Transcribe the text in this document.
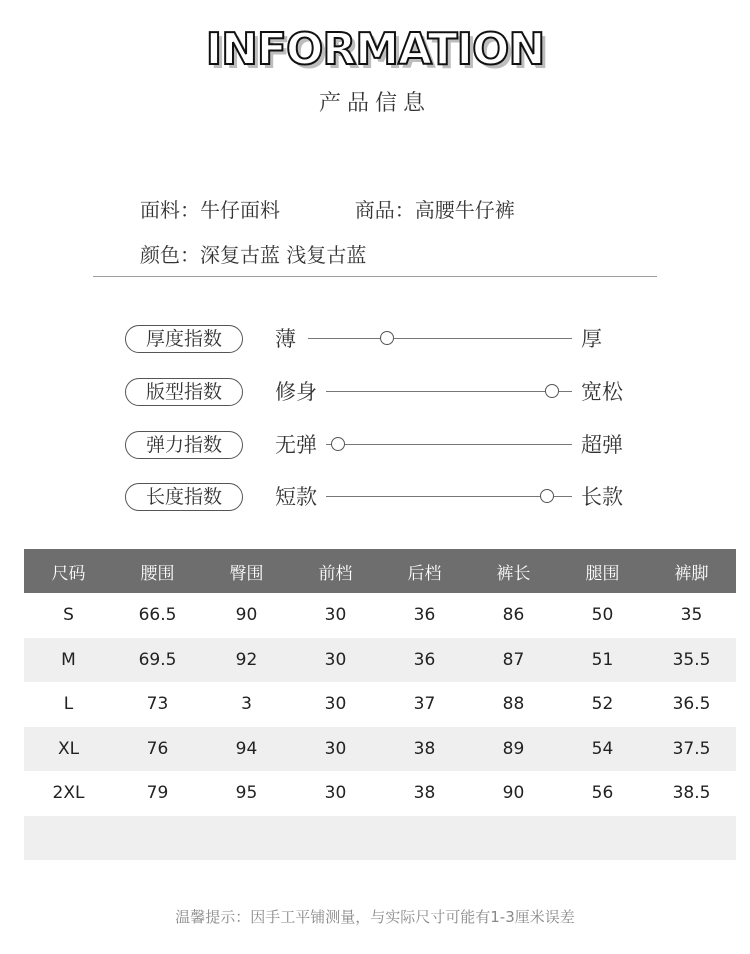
INFORMATION
产品信息
面料：牛仔面料	商品：高腰牛仔裤
颜色：深复古蓝 浅复古蓝
厚度指数	薄	厚
版型指数	修身	宽松
弹力指数	无弹	超弹
长度指数	短款	长款
尺码	腰围	臀围	前档	后档	裤长	腿围	裤脚
S	66.5	90	30	36	86	50	35
M	69.5	92	30	36	87	51	35.5
L	73	3	30	37	88	52	36.5
XL	76	94	30	38	89	54	37.5
2XL	79	95	30	38	90	56	38.5

温馨提示：因手工平铺测量，与实际尺寸可能有1-3厘米误差
